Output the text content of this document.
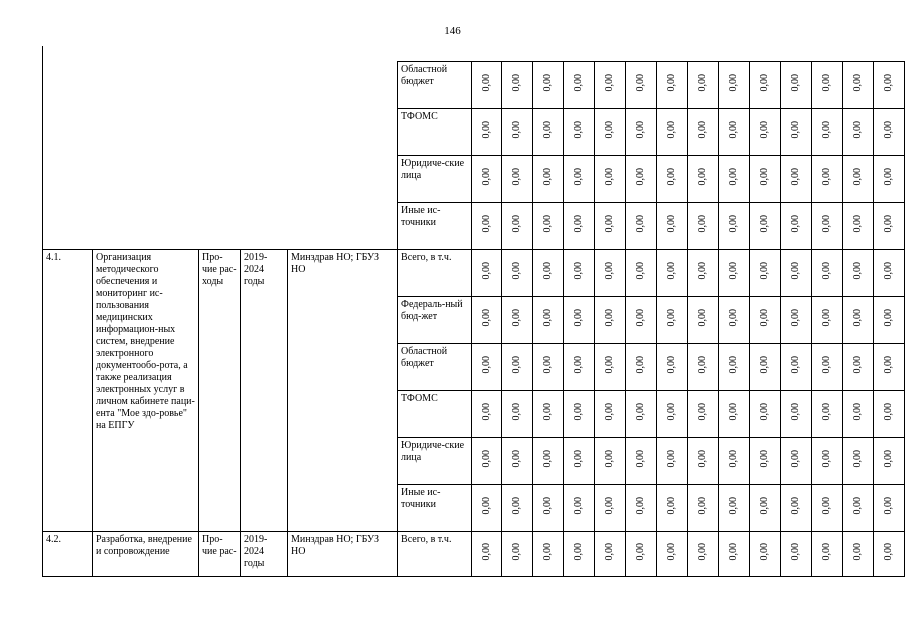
146
					Областной бюджет	0,00	0,00	0,00	0,00	0,00	0,00	0,00	0,00	0,00	0,00	0,00	0,00	0,00	0,00
					ТФОМС	0,00	0,00	0,00	0,00	0,00	0,00	0,00	0,00	0,00	0,00	0,00	0,00	0,00	0,00
					Юридиче-ские лица	0,00	0,00	0,00	0,00	0,00	0,00	0,00	0,00	0,00	0,00	0,00	0,00	0,00	0,00
					Иные ис-точники	0,00	0,00	0,00	0,00	0,00	0,00	0,00	0,00	0,00	0,00	0,00	0,00	0,00	0,00
4.1.	Организация методического обеспечения и мониторинг ис-пользования медицинских информацион-ных систем, внедрение электронного документообо-рота, а также реализация электронных услуг в личном кабинете паци-ента "Мое здо-ровье" на ЕПГУ	Про-чие рас-ходы	2019-2024 годы	Минздрав НО; ГБУЗ НО	Всего, в т.ч.	0,00	0,00	0,00	0,00	0,00	0,00	0,00	0,00	0,00	0,00	0,00	0,00	0,00	0,00
					Федераль-ный бюд-жет	0,00	0,00	0,00	0,00	0,00	0,00	0,00	0,00	0,00	0,00	0,00	0,00	0,00	0,00
					Областной бюджет	0,00	0,00	0,00	0,00	0,00	0,00	0,00	0,00	0,00	0,00	0,00	0,00	0,00	0,00
					ТФОМС	0,00	0,00	0,00	0,00	0,00	0,00	0,00	0,00	0,00	0,00	0,00	0,00	0,00	0,00
					Юридиче-ские лица	0,00	0,00	0,00	0,00	0,00	0,00	0,00	0,00	0,00	0,00	0,00	0,00	0,00	0,00
					Иные ис-точники	0,00	0,00	0,00	0,00	0,00	0,00	0,00	0,00	0,00	0,00	0,00	0,00	0,00	0,00
4.2.	Разработка, внедрение и сопровождение	Про-чие рас-	2019-2024 годы	Минздрав НО; ГБУЗ НО	Всего, в т.ч.	0,00	0,00	0,00	0,00	0,00	0,00	0,00	0,00	0,00	0,00	0,00	0,00	0,00	0,00
